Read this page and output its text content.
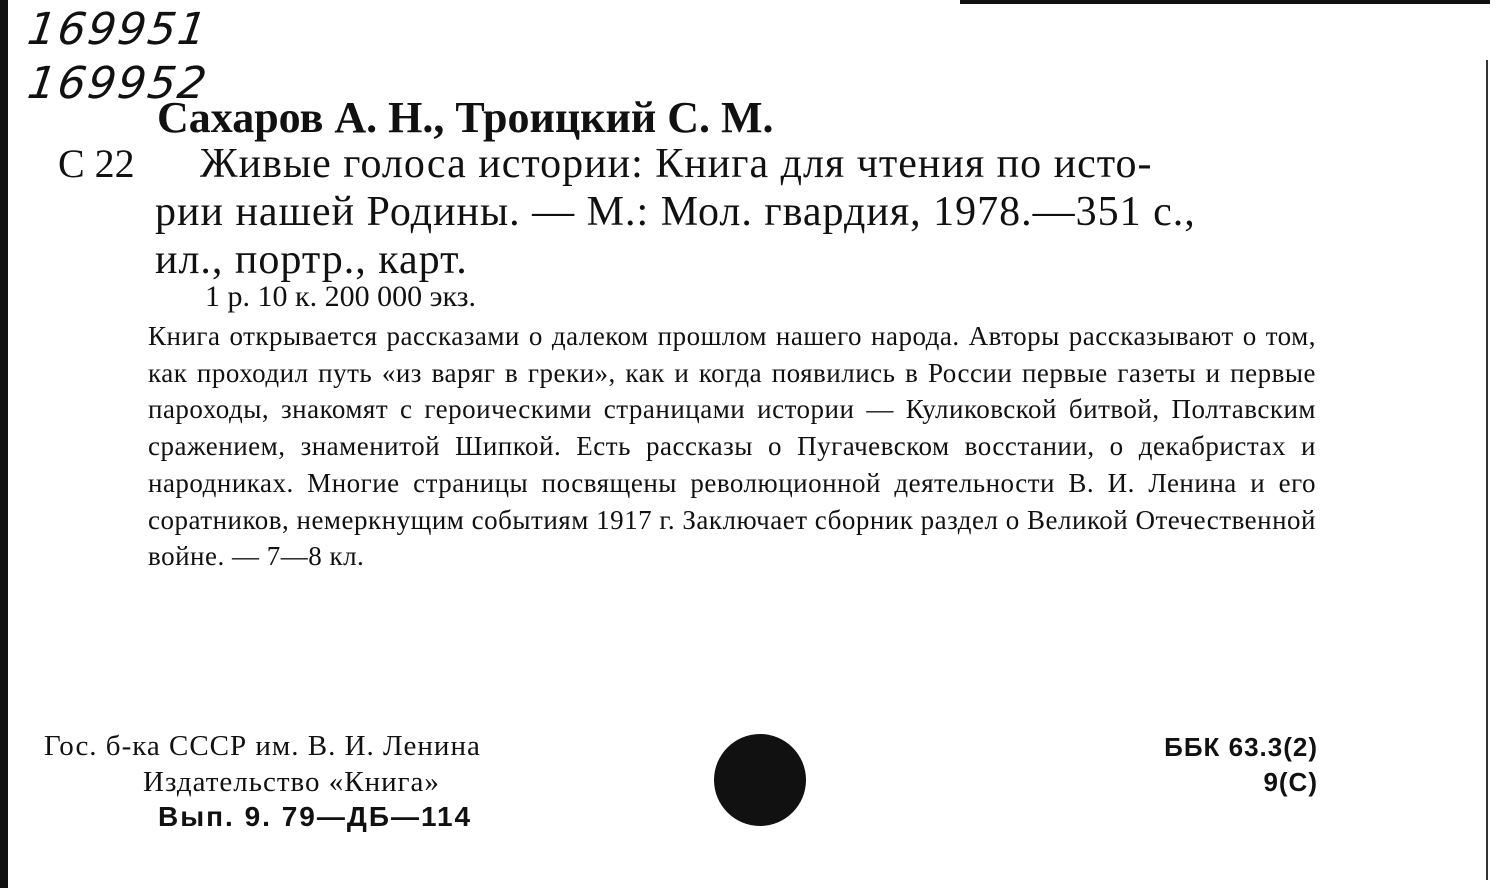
169951
169952
Сахаров А. Н., Троицкий С. М.
С 22 Живые голоса истории: Книга для чтения по исто-
рии нашей Родины. — М.: Мол. гвардия, 1978.—351 с.,
ил., портр., карт.
1 р. 10 к. 200 000 экз.
Книга открывается рассказами о далеком прошлом нашего народа. Авторы рассказывают о том, как проходил путь «из варяг в греки», как и когда появились в России первые газеты и первые пароходы, знакомят с героическими страницами истории — Куликовской битвой, Полтавским сражением, знаменитой Шипкой. Есть рассказы о Пугачевском восстании, о декабристах и народниках. Многие страницы посвящены революционной деятельности В. И. Ленина и его соратников, немеркнущим событиям 1917 г. Заключает сборник раздел о Великой Отечественной войне. — 7—8 кл.
Гос. б-ка СССР им. В. И. Ленина
Издательство «Книга»
Вып. 9. 79—ДБ—114
ББК 63.3(2)
9(С)
